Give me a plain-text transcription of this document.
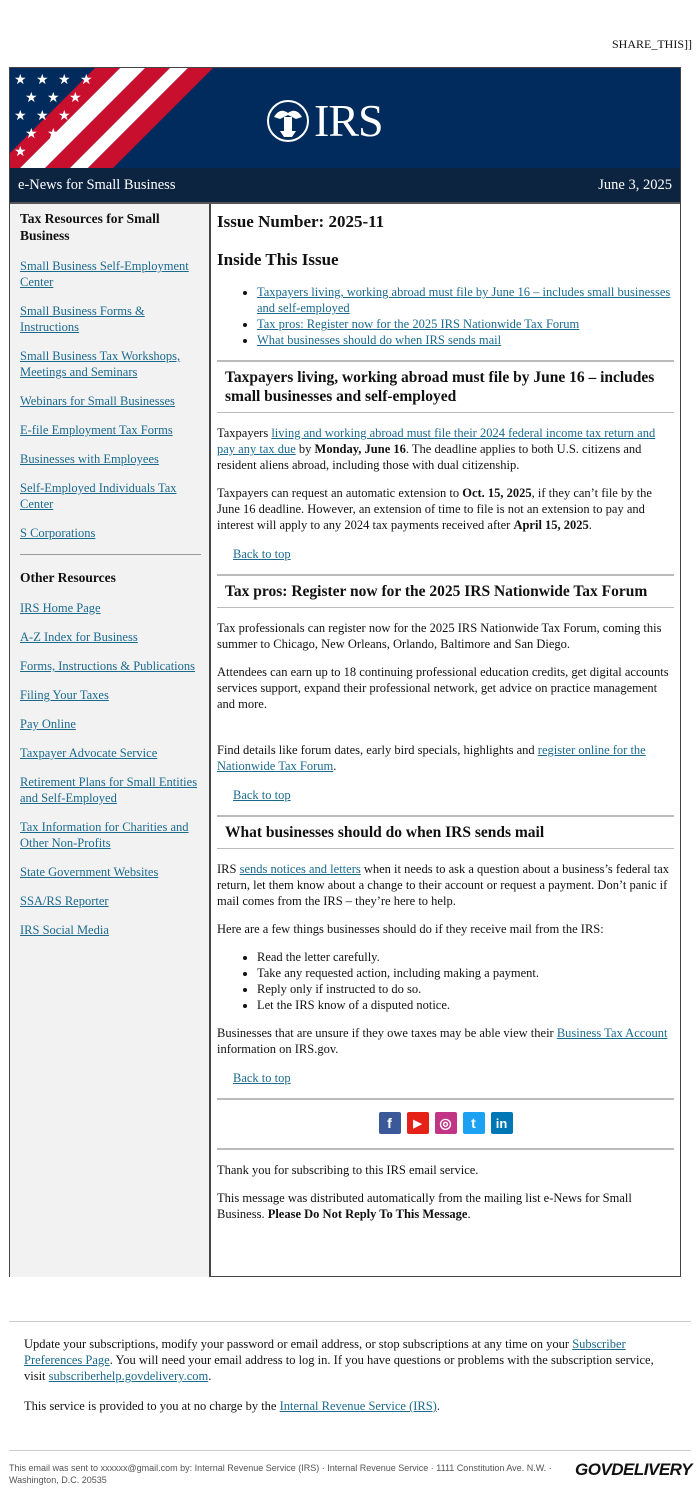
SHARE_THIS]]
★ ★ ★ ★
★ ★ ★
★ ★ ★
★ ★
★
IRS
e-News for Small Business	June 3, 2025
Tax Resources for Small Business
Small Business Self-Employment Center
Small Business Forms & Instructions
Small Business Tax Workshops, Meetings and Seminars
Webinars for Small Businesses
E-file Employment Tax Forms
Businesses with Employees
Self-Employed Individuals Tax Center
S Corporations
Other Resources
IRS Home Page
A-Z Index for Business
Forms, Instructions & Publications
Filing Your Taxes
Pay Online
Taxpayer Advocate Service
Retirement Plans for Small Entities and Self-Employed
Tax Information for Charities and Other Non-Profits
State Government Websites
SSA/RS Reporter
IRS Social Media
Issue Number: 2025-11
Inside This Issue
• Taxpayers living, working abroad must file by June 16 – includes small businesses and self-employed
• Tax pros: Register now for the 2025 IRS Nationwide Tax Forum
• What businesses should do when IRS sends mail
Taxpayers living, working abroad must file by June 16 – includes small businesses and self-employed

Taxpayers living and working abroad must file their 2024 federal income tax return and pay any tax due by Monday, June 16. The deadline applies to both U.S. citizens and resident aliens abroad, including those with dual citizenship.

Taxpayers can request an automatic extension to Oct. 15, 2025, if they can’t file by the June 16 deadline. However, an extension of time to file is not an extension to pay and interest will apply to any 2024 tax payments received after April 15, 2025.

Back to top
Tax pros: Register now for the 2025 IRS Nationwide Tax Forum

Tax professionals can register now for the 2025 IRS Nationwide Tax Forum, coming this summer to Chicago, New Orleans, Orlando, Baltimore and San Diego.

Attendees can earn up to 18 continuing professional education credits, get digital accounts services support, expand their professional network, get advice on practice management and more.

Find details like forum dates, early bird specials, highlights and register online for the Nationwide Tax Forum.

Back to top
What businesses should do when IRS sends mail

IRS sends notices and letters when it needs to ask a question about a business’s federal tax return, let them know about a change to their account or request a payment. Don’t panic if mail comes from the IRS – they’re here to help.

Here are a few things businesses should do if they receive mail from the IRS:

• Read the letter carefully.
• Take any requested action, including making a payment.
• Reply only if instructed to do so.
• Let the IRS know of a disputed notice.

Businesses that are unsure if they owe taxes may be able view their Business Tax Account information on IRS.gov.

Back to top
f	▶	◎	t	in

Thank you for subscribing to this IRS email service.

This message was distributed automatically from the mailing list e-News for Small Business. Please Do Not Reply To This Message.

Update your subscriptions, modify your password or email address, or stop subscriptions at any time on your Subscriber Preferences Page. You will need your email address to log in. If you have questions or problems with the subscription service, visit subscriberhelp.govdelivery.com.

This service is provided to you at no charge by the Internal Revenue Service (IRS).

This email was sent to xxxxxx@gmail.com by: Internal Revenue Service (IRS) · Internal Revenue Service · 1111 Constitution Ave. N.W. · Washington, D.C. 20535
GOVDELIVERY
